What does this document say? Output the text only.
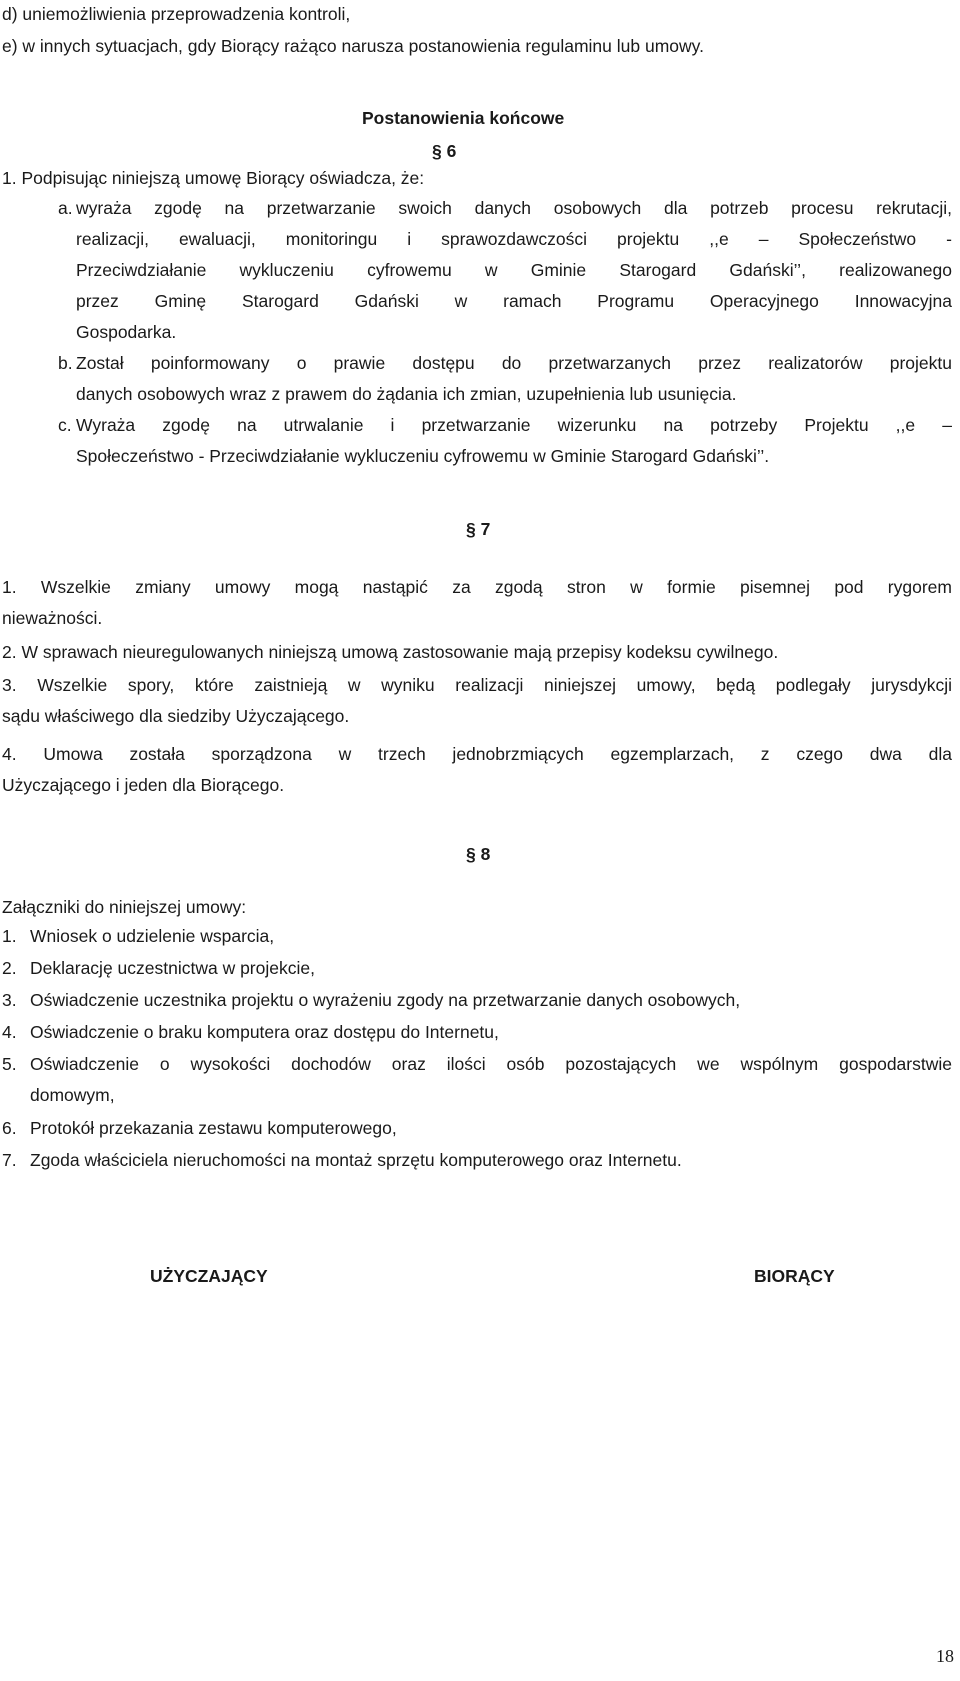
d) uniemożliwienia przeprowadzenia kontroli,
e) w innych sytuacjach, gdy Biorący rażąco narusza postanowienia regulaminu lub umowy.
Postanowienia końcowe
§ 6
1. Podpisując niniejszą umowę Biorący oświadcza, że:
a. wyraża zgodę na przetwarzanie swoich danych osobowych dla potrzeb procesu rekrutacji,
realizacji, ewaluacji, monitoringu i sprawozdawczości projektu ,,e – Społeczeństwo -
Przeciwdziałanie wykluczeniu cyfrowemu w Gminie Starogard Gdański’’, realizowanego
przez Gminę Starogard Gdański w ramach Programu Operacyjnego Innowacyjna
Gospodarka.
b. Został poinformowany o prawie dostępu do przetwarzanych przez realizatorów projektu
danych osobowych wraz z prawem do żądania ich zmian, uzupełnienia lub usunięcia.
c. Wyraża zgodę na utrwalanie i przetwarzanie wizerunku na potrzeby Projektu ,,e –
Społeczeństwo - Przeciwdziałanie wykluczeniu cyfrowemu w Gminie Starogard Gdański’’.
§ 7
1. Wszelkie zmiany umowy mogą nastąpić za zgodą stron w formie pisemnej pod rygorem
nieważności.
2. W sprawach nieuregulowanych niniejszą umową zastosowanie mają przepisy kodeksu cywilnego.
3. Wszelkie spory, które zaistnieją w wyniku realizacji niniejszej umowy, będą podlegały jurysdykcji
sądu właściwego dla siedziby Użyczającego.
4. Umowa została sporządzona w trzech jednobrzmiących egzemplarzach, z czego dwa dla
Użyczającego i jeden dla Biorącego.
§ 8
Załączniki do niniejszej umowy:
1. Wniosek o udzielenie wsparcia,
2. Deklarację uczestnictwa w projekcie,
3. Oświadczenie uczestnika projektu o wyrażeniu zgody na przetwarzanie danych osobowych,
4. Oświadczenie o braku komputera oraz dostępu do Internetu,
5. Oświadczenie o wysokości dochodów oraz ilości osób pozostających we wspólnym gospodarstwie
domowym,
6. Protokół przekazania zestawu komputerowego,
7. Zgoda właściciela nieruchomości na montaż sprzętu komputerowego oraz Internetu.
UŻYCZAJĄCY	BIORĄCY
18
